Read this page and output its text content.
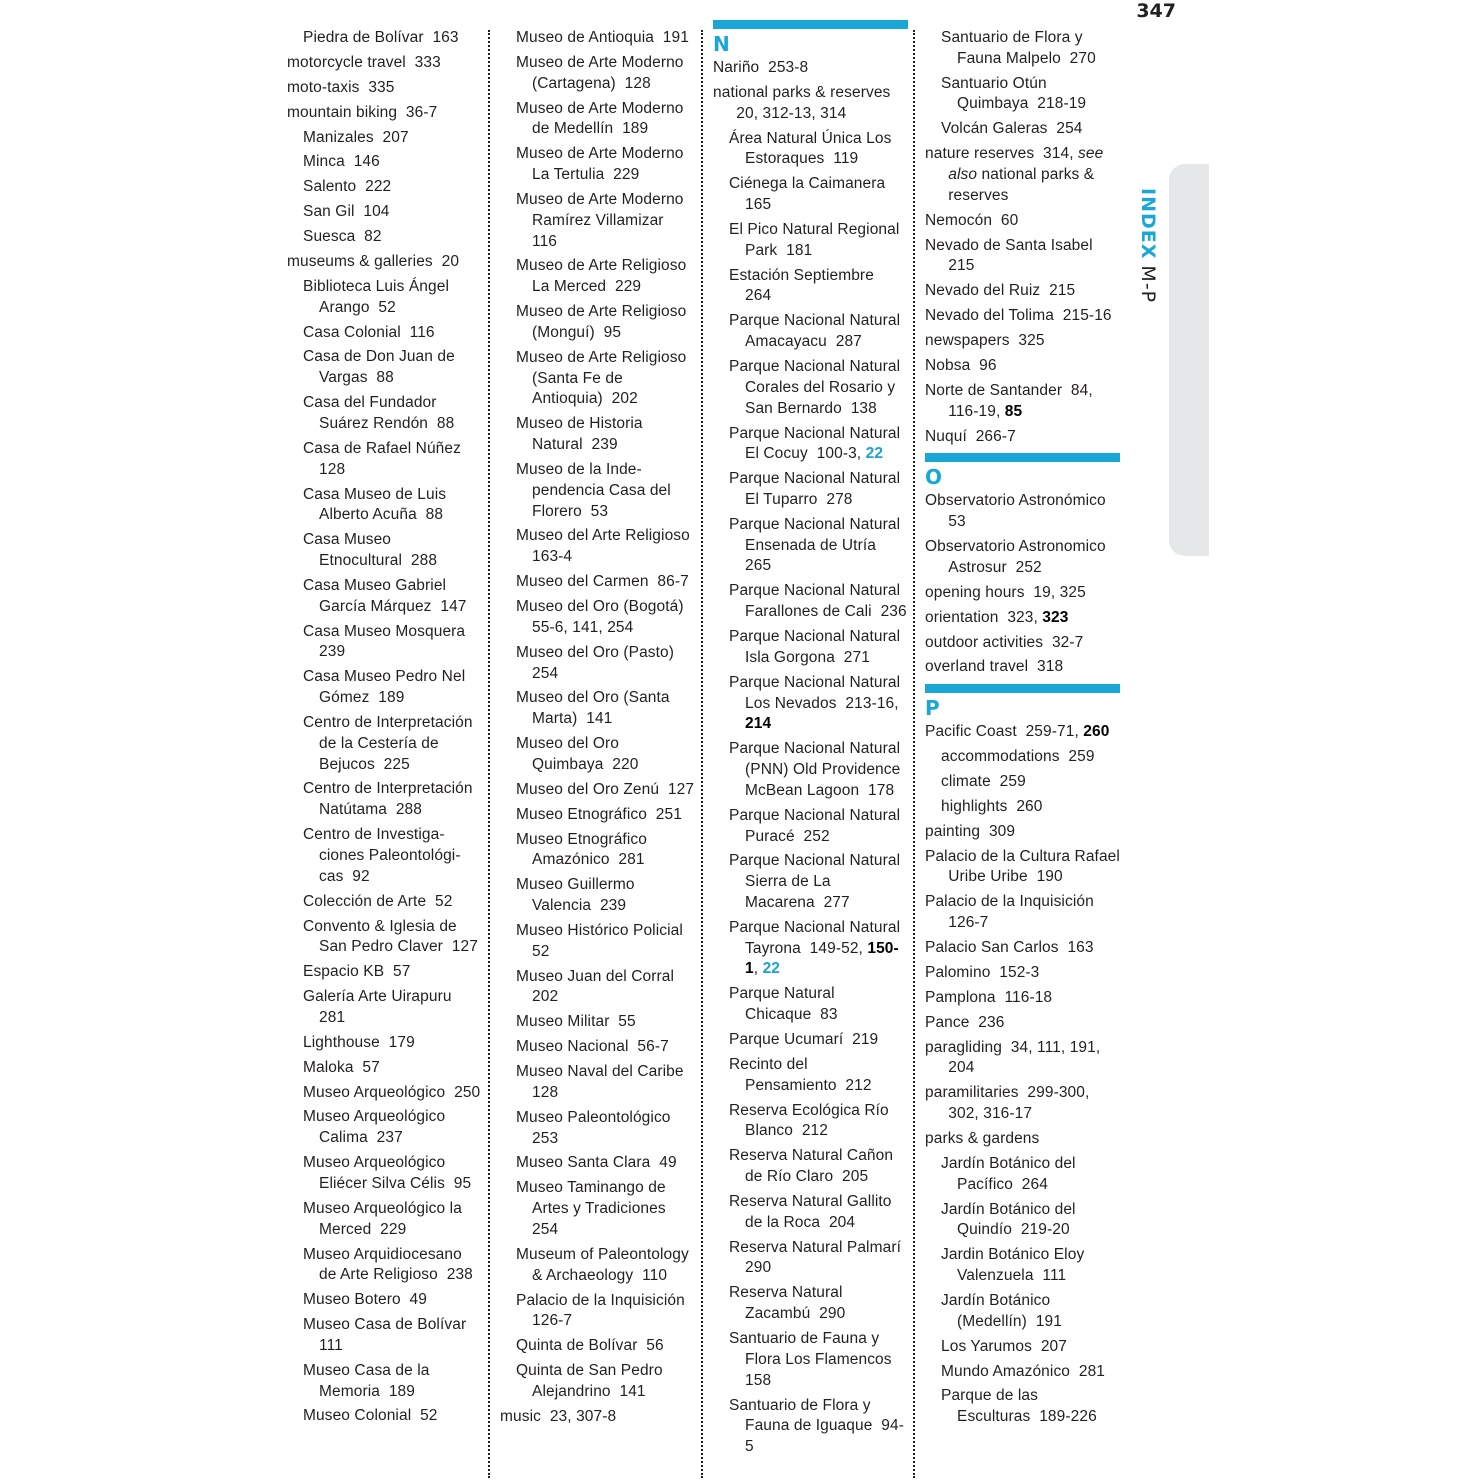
347
Piedra de Bolívar 163
motorcycle travel 333
moto-taxis 335
mountain biking 36-7
Manizales 207
Minca 146
Salento 222
San Gil 104
Suesca 82
museums & galleries 20
Biblioteca Luis Ángel Arango 52
Casa Colonial 116
Casa de Don Juan de Vargas 88
Casa del Fundador Suárez Rendón 88
Casa de Rafael Núñez  128
Casa Museo de Luis Alberto Acuña 88
Casa Museo Etnocultural 288
Casa Museo Gabriel García Márquez 147
Casa Museo Mosquera  239
Casa Museo Pedro Nel Gómez 189
Centro de Interpretación de la Cestería de Bejucos 225
Centro de Interpretación Natútama 288
Centro de Investigaciones Paleontológicas 92
Colección de Arte 52
Convento & Iglesia de San Pedro Claver 127
Espacio KB 57
Galería Arte Uirapuru  281
Lighthouse 179
Maloka 57
Museo Arqueológico 250
Museo Arqueológico Calima 237
Museo Arqueológico Eliécer Silva Célis 95
Museo Arqueológico la Merced 229
Museo Arquidiocesano de Arte Religioso 238
Museo Botero 49
Museo Casa de Bolívar  111
Museo Casa de la Memoria 189
Museo Colonial 52
Museo de Antioquia 191
Museo de Arte Moderno (Cartagena) 128
Museo de Arte Moderno de Medellín 189
Museo de Arte Moderno La Tertulia 229
Museo de Arte Moderno Ramírez Villamizar  116
Museo de Arte Religioso La Merced 229
Museo de Arte Religioso (Monguí) 95
Museo de Arte Religioso (Santa Fe de Antioquia) 202
Museo de Historia Natural 239
Museo de la Independencia Casa del Florero 53
Museo del Arte Religioso  163-4
Museo del Carmen 86-7
Museo del Oro (Bogotá)  55-6, 141, 254
Museo del Oro (Pasto)  254
Museo del Oro (Santa Marta) 141
Museo del Oro Quimbaya 220
Museo del Oro Zenú 127
Museo Etnográfico 251
Museo Etnográfico Amazónico 281
Museo Guillermo Valencia 239
Museo Histórico Policial  52
Museo Juan del Corral  202
Museo Militar 55
Museo Nacional 56-7
Museo Naval del Caribe  128
Museo Paleontológico  253
Museo Santa Clara 49
Museo Taminango de Artes y Tradiciones  254
Museum of Paleontology & Archaeology 110
Palacio de la Inquisición  126-7
Quinta de Bolívar 56
Quinta de San Pedro Alejandrino 141
music 23, 307-8
N
Nariño 253-8
national parks & reserves  20, 312-13, 314
Área Natural Única Los Estoraques 119
Ciénega la Caimanera  165
El Pico Natural Regional Park 181
Estación Septiembre  264
Parque Nacional Natural Amacayacu 287
Parque Nacional Natural Corales del Rosario y San Bernardo 138
Parque Nacional Natural El Cocuy 100-3, 22
Parque Nacional Natural El Tuparro 278
Parque Nacional Natural Ensenada de Utría  265
Parque Nacional Natural Farallones de Cali 236
Parque Nacional Natural Isla Gorgona 271
Parque Nacional Natural Los Nevados 213-16, 214
Parque Nacional Natural (PNN) Old Providence McBean Lagoon 178
Parque Nacional Natural Puracé 252
Parque Nacional Natural Sierra de La Macarena 277
Parque Nacional Natural Tayrona 149-52, 150-1, 22
Parque Natural Chicaque 83
Parque Ucumarí 219
Recinto del Pensamiento 212
Reserva Ecológica Río Blanco 212
Reserva Natural Cañon de Río Claro 205
Reserva Natural Gallito de la Roca 204
Reserva Natural Palmarí  290
Reserva Natural Zacambú 290
Santuario de Fauna y Flora Los Flamencos  158
Santuario de Flora y Fauna de Iguaque 94-5
Santuario de Flora y Fauna Malpelo 270
Santuario Otún Quimbaya 218-19
Volcán Galeras 254
nature reserves 314, see also national parks & reserves
Nemocón 60
Nevado de Santa Isabel  215
Nevado del Ruiz 215
Nevado del Tolima 215-16
newspapers 325
Nobsa 96
Norte de Santander 84, 116-19, 85
Nuquí 266-7
O
Observatorio Astronómico  53
Observatorio Astronomico Astrosur 252
opening hours 19, 325
orientation 323, 323
outdoor activities 32-7
overland travel 318
P
Pacific Coast 259-71, 260
accommodations 259
climate 259
highlights 260
painting 309
Palacio de la Cultura Rafael Uribe Uribe 190
Palacio de la Inquisición  126-7
Palacio San Carlos 163
Palomino 152-3
Pamplona 116-18
Pance 236
paragliding 34, 111, 191, 204
paramilitaries 299-300, 302, 316-17
parks & gardens
Jardín Botánico del Pacífico 264
Jardín Botánico del Quindío 219-20
Jardin Botánico Eloy Valenzuela 111
Jardín Botánico (Medellín) 191
Los Yarumos 207
Mundo Amazónico 281
Parque de las Esculturas 189-226
INDEX M-P
